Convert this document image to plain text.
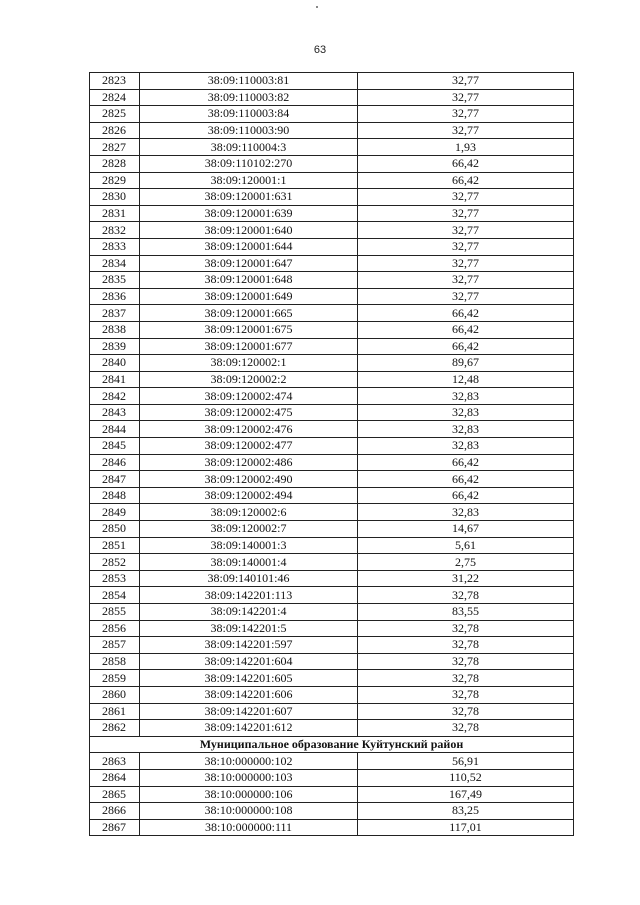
63
2823	38:09:110003:81	32,77
2824	38:09:110003:82	32,77
2825	38:09:110003:84	32,77
2826	38:09:110003:90	32,77
2827	38:09:110004:3	1,93
2828	38:09:110102:270	66,42
2829	38:09:120001:1	66,42
2830	38:09:120001:631	32,77
2831	38:09:120001:639	32,77
2832	38:09:120001:640	32,77
2833	38:09:120001:644	32,77
2834	38:09:120001:647	32,77
2835	38:09:120001:648	32,77
2836	38:09:120001:649	32,77
2837	38:09:120001:665	66,42
2838	38:09:120001:675	66,42
2839	38:09:120001:677	66,42
2840	38:09:120002:1	89,67
2841	38:09:120002:2	12,48
2842	38:09:120002:474	32,83
2843	38:09:120002:475	32,83
2844	38:09:120002:476	32,83
2845	38:09:120002:477	32,83
2846	38:09:120002:486	66,42
2847	38:09:120002:490	66,42
2848	38:09:120002:494	66,42
2849	38:09:120002:6	32,83
2850	38:09:120002:7	14,67
2851	38:09:140001:3	5,61
2852	38:09:140001:4	2,75
2853	38:09:140101:46	31,22
2854	38:09:142201:113	32,78
2855	38:09:142201:4	83,55
2856	38:09:142201:5	32,78
2857	38:09:142201:597	32,78
2858	38:09:142201:604	32,78
2859	38:09:142201:605	32,78
2860	38:09:142201:606	32,78
2861	38:09:142201:607	32,78
2862	38:09:142201:612	32,78
Муниципальное образование Куйтунский район		
2863	38:10:000000:102	56,91
2864	38:10:000000:103	110,52
2865	38:10:000000:106	167,49
2866	38:10:000000:108	83,25
2867	38:10:000000:111	117,01
